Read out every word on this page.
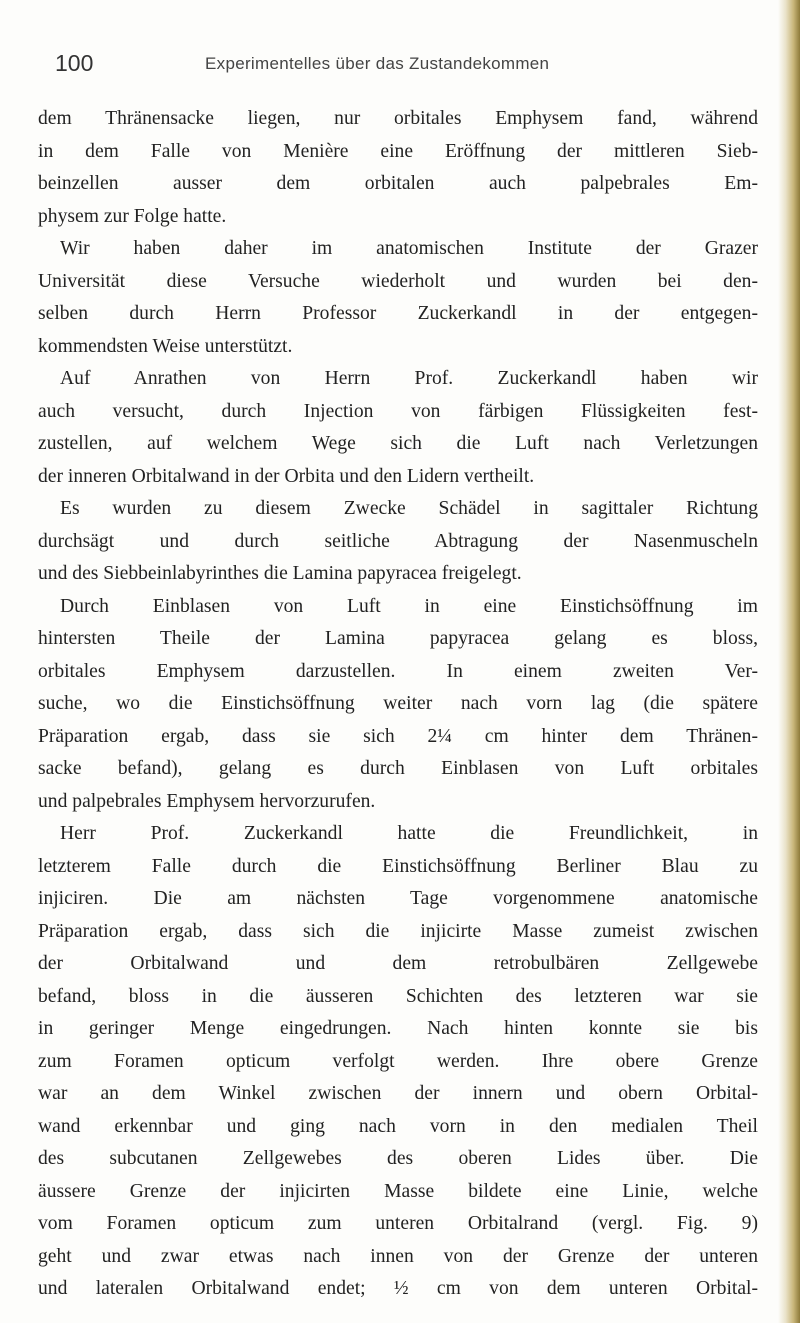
100	Experimentelles über das Zustandekommen
dem Thränensacke liegen, nur orbitales Emphysem fand, während
in dem Falle von Menière eine Eröffnung der mittleren Sieb-
beinzellen ausser dem orbitalen auch palpebrales Em-
physem zur Folge hatte.
Wir haben daher im anatomischen Institute der Grazer
Universität diese Versuche wiederholt und wurden bei den-
selben durch Herrn Professor Zuckerkandl in der entgegen-
kommendsten Weise unterstützt.
Auf Anrathen von Herrn Prof. Zuckerkandl haben wir
auch versucht, durch Injection von färbigen Flüssigkeiten fest-
zustellen, auf welchem Wege sich die Luft nach Verletzungen
der inneren Orbitalwand in der Orbita und den Lidern vertheilt.
Es wurden zu diesem Zwecke Schädel in sagittaler Richtung
durchsägt und durch seitliche Abtragung der Nasenmuscheln
und des Siebbeinlabyrinthes die Lamina papyracea freigelegt.
Durch Einblasen von Luft in eine Einstichsöffnung im
hintersten Theile der Lamina papyracea gelang es bloss,
orbitales Emphysem darzustellen. In einem zweiten Ver-
suche, wo die Einstichsöffnung weiter nach vorn lag (die spätere
Präparation ergab, dass sie sich 2¼ cm hinter dem Thränen-
sacke befand), gelang es durch Einblasen von Luft orbitales
und palpebrales Emphysem hervorzurufen.
Herr Prof. Zuckerkandl hatte die Freundlichkeit, in
letzterem Falle durch die Einstichsöffnung Berliner Blau zu
injiciren. Die am nächsten Tage vorgenommene anatomische
Präparation ergab, dass sich die injicirte Masse zumeist zwischen
der Orbitalwand und dem retrobulbären Zellgewebe
befand, bloss in die äusseren Schichten des letzteren war sie
in geringer Menge eingedrungen. Nach hinten konnte sie bis
zum Foramen opticum verfolgt werden. Ihre obere Grenze
war an dem Winkel zwischen der innern und obern Orbital-
wand erkennbar und ging nach vorn in den medialen Theil
des subcutanen Zellgewebes des oberen Lides über. Die
äussere Grenze der injicirten Masse bildete eine Linie, welche
vom Foramen opticum zum unteren Orbitalrand (vergl. Fig. 9)
geht und zwar etwas nach innen von der Grenze der unteren
und lateralen Orbitalwand endet; ½ cm von dem unteren Orbital-
